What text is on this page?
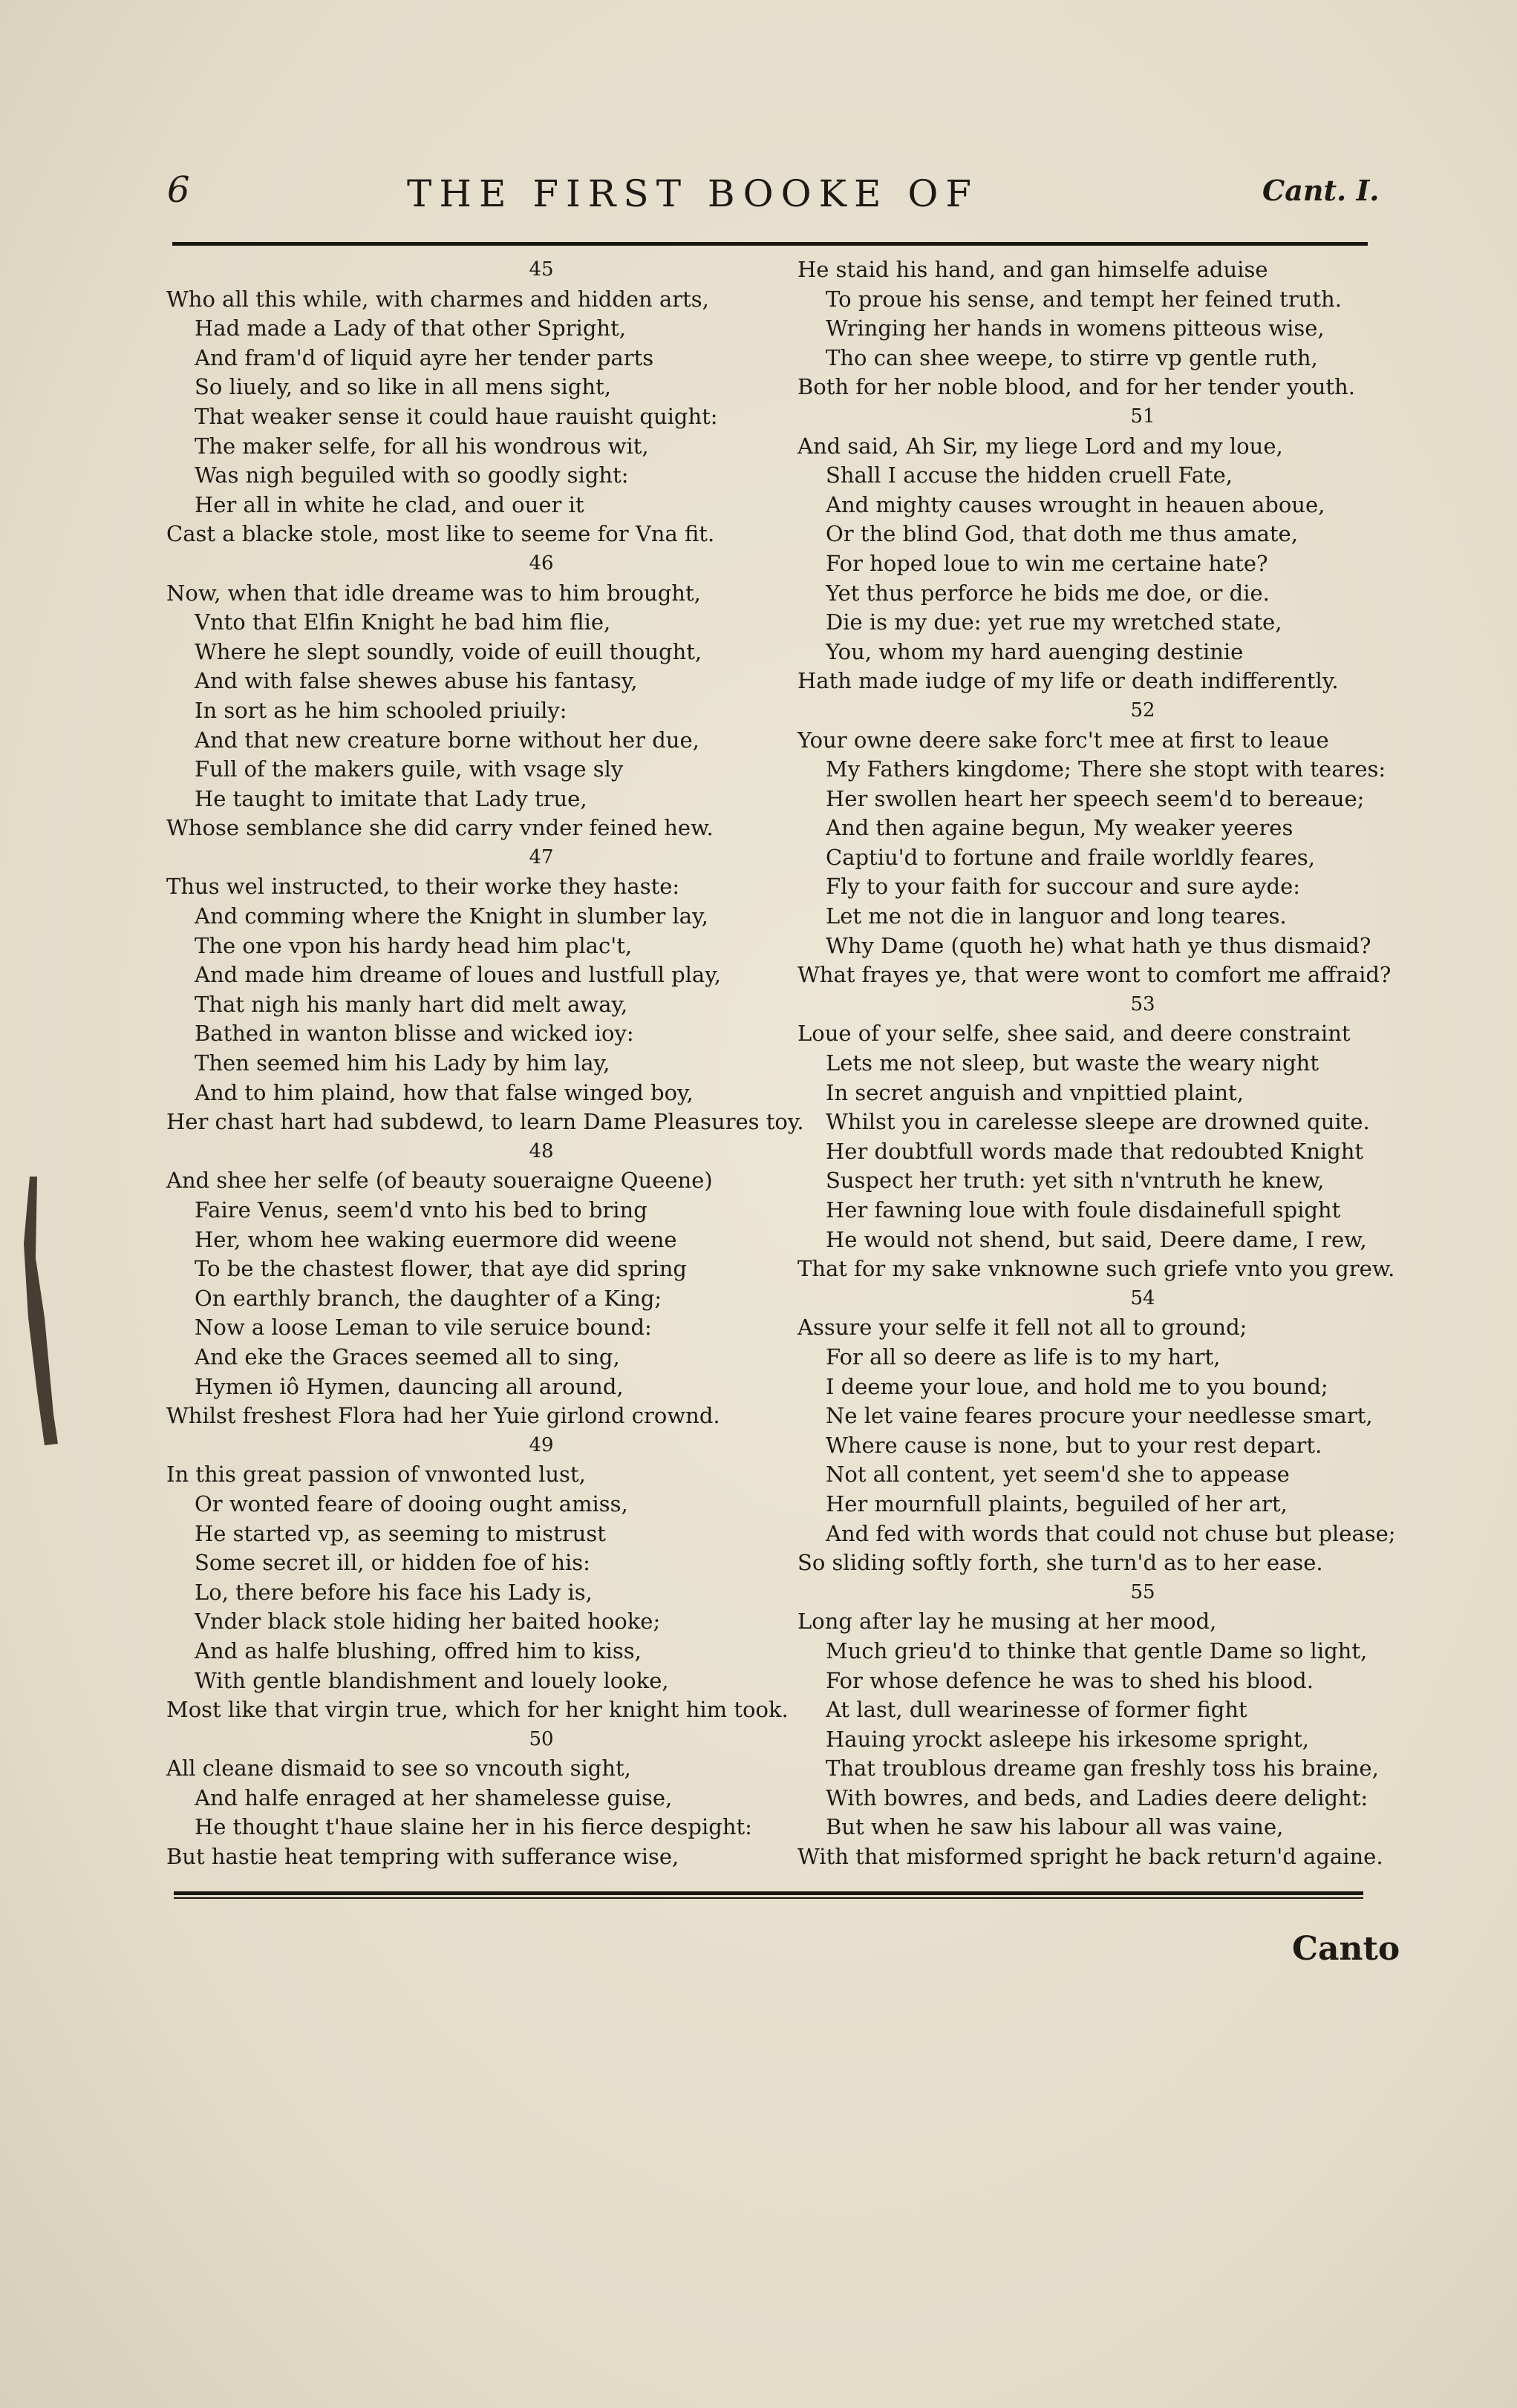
6	THE FIRST BOOKE OF	Cant. I.
45
Who all this while, with charmes and hidden arts,
Had made a Lady of that other Spright,
And fram'd of liquid ayre her tender parts
So liuely, and so like in all mens sight,
That weaker sense it could haue rauisht quight:
The maker selfe, for all his wondrous wit,
Was nigh beguiled with so goodly sight:
Her all in white he clad, and ouer it
Cast a blacke stole, most like to seeme for Vna fit.
46
Now, when that idle dreame was to him brought,
Vnto that Elfin Knight he bad him flie,
Where he slept soundly, voide of euill thought,
And with false shewes abuse his fantasy,
In sort as he him schooled priuily:
And that new creature borne without her due,
Full of the makers guile, with vsage sly
He taught to imitate that Lady true,
Whose semblance she did carry vnder feined hew.
47
Thus wel instructed, to their worke they haste:
And comming where the Knight in slumber lay,
The one vpon his hardy head him plac't,
And made him dreame of loues and lustfull play,
That nigh his manly hart did melt away,
Bathed in wanton blisse and wicked ioy:
Then seemed him his Lady by him lay,
And to him plaind, how that false winged boy,
Her chast hart had subdewd, to learn Dame Pleasures toy.
48
And shee her selfe (of beauty soueraigne Queene)
Faire Venus, seem'd vnto his bed to bring
Her, whom hee waking euermore did weene
To be the chastest flower, that aye did spring
On earthly branch, the daughter of a King;
Now a loose Leman to vile seruice bound:
And eke the Graces seemed all to sing,
Hymen iô Hymen, dauncing all around,
Whilst freshest Flora had her Yuie girlond crownd.
49
In this great passion of vnwonted lust,
Or wonted feare of dooing ought amiss,
He started vp, as seeming to mistrust
Some secret ill, or hidden foe of his:
Lo, there before his face his Lady is,
Vnder black stole hiding her baited hooke;
And as halfe blushing, offred him to kiss,
With gentle blandishment and louely looke,
Most like that virgin true, which for her knight him took.
50
All cleane dismaid to see so vncouth sight,
And halfe enraged at her shamelesse guise,
He thought t'haue slaine her in his fierce despight:
But hastie heat tempring with sufferance wise,
He staid his hand, and gan himselfe aduise
To proue his sense, and tempt her feined truth.
Wringing her hands in womens pitteous wise,
Tho can shee weepe, to stirre vp gentle ruth,
Both for her noble blood, and for her tender youth.
51
And said, Ah Sir, my liege Lord and my loue,
Shall I accuse the hidden cruell Fate,
And mighty causes wrought in heauen aboue,
Or the blind God, that doth me thus amate,
For hoped loue to win me certaine hate?
Yet thus perforce he bids me doe, or die.
Die is my due: yet rue my wretched state,
You, whom my hard auenging destinie
Hath made iudge of my life or death indifferently.
52
Your owne deere sake forc't mee at first to leaue
My Fathers kingdome; There she stopt with teares:
Her swollen heart her speech seem'd to bereaue;
And then againe begun, My weaker yeeres
Captiu'd to fortune and fraile worldly feares,
Fly to your faith for succour and sure ayde:
Let me not die in languor and long teares.
Why Dame (quoth he) what hath ye thus dismaid?
What frayes ye, that were wont to comfort me affraid?
53
Loue of your selfe, shee said, and deere constraint
Lets me not sleep, but waste the weary night
In secret anguish and vnpittied plaint,
Whilst you in carelesse sleepe are drowned quite.
Her doubtfull words made that redoubted Knight
Suspect her truth: yet sith n'vntruth he knew,
Her fawning loue with foule disdainefull spight
He would not shend, but said, Deere dame, I rew,
That for my sake vnknowne such griefe vnto you grew.
54
Assure your selfe it fell not all to ground;
For all so deere as life is to my hart,
I deeme your loue, and hold me to you bound;
Ne let vaine feares procure your needlesse smart,
Where cause is none, but to your rest depart.
Not all content, yet seem'd she to appease
Her mournfull plaints, beguiled of her art,
And fed with words that could not chuse but please;
So sliding softly forth, she turn'd as to her ease.
55
Long after lay he musing at her mood,
Much grieu'd to thinke that gentle Dame so light,
For whose defence he was to shed his blood.
At last, dull wearinesse of former fight
Hauing yrockt asleepe his irkesome spright,
That troublous dreame gan freshly toss his braine,
With bowres, and beds, and Ladies deere delight:
But when he saw his labour all was vaine,
With that misformed spright he back return'd againe.
Canto
